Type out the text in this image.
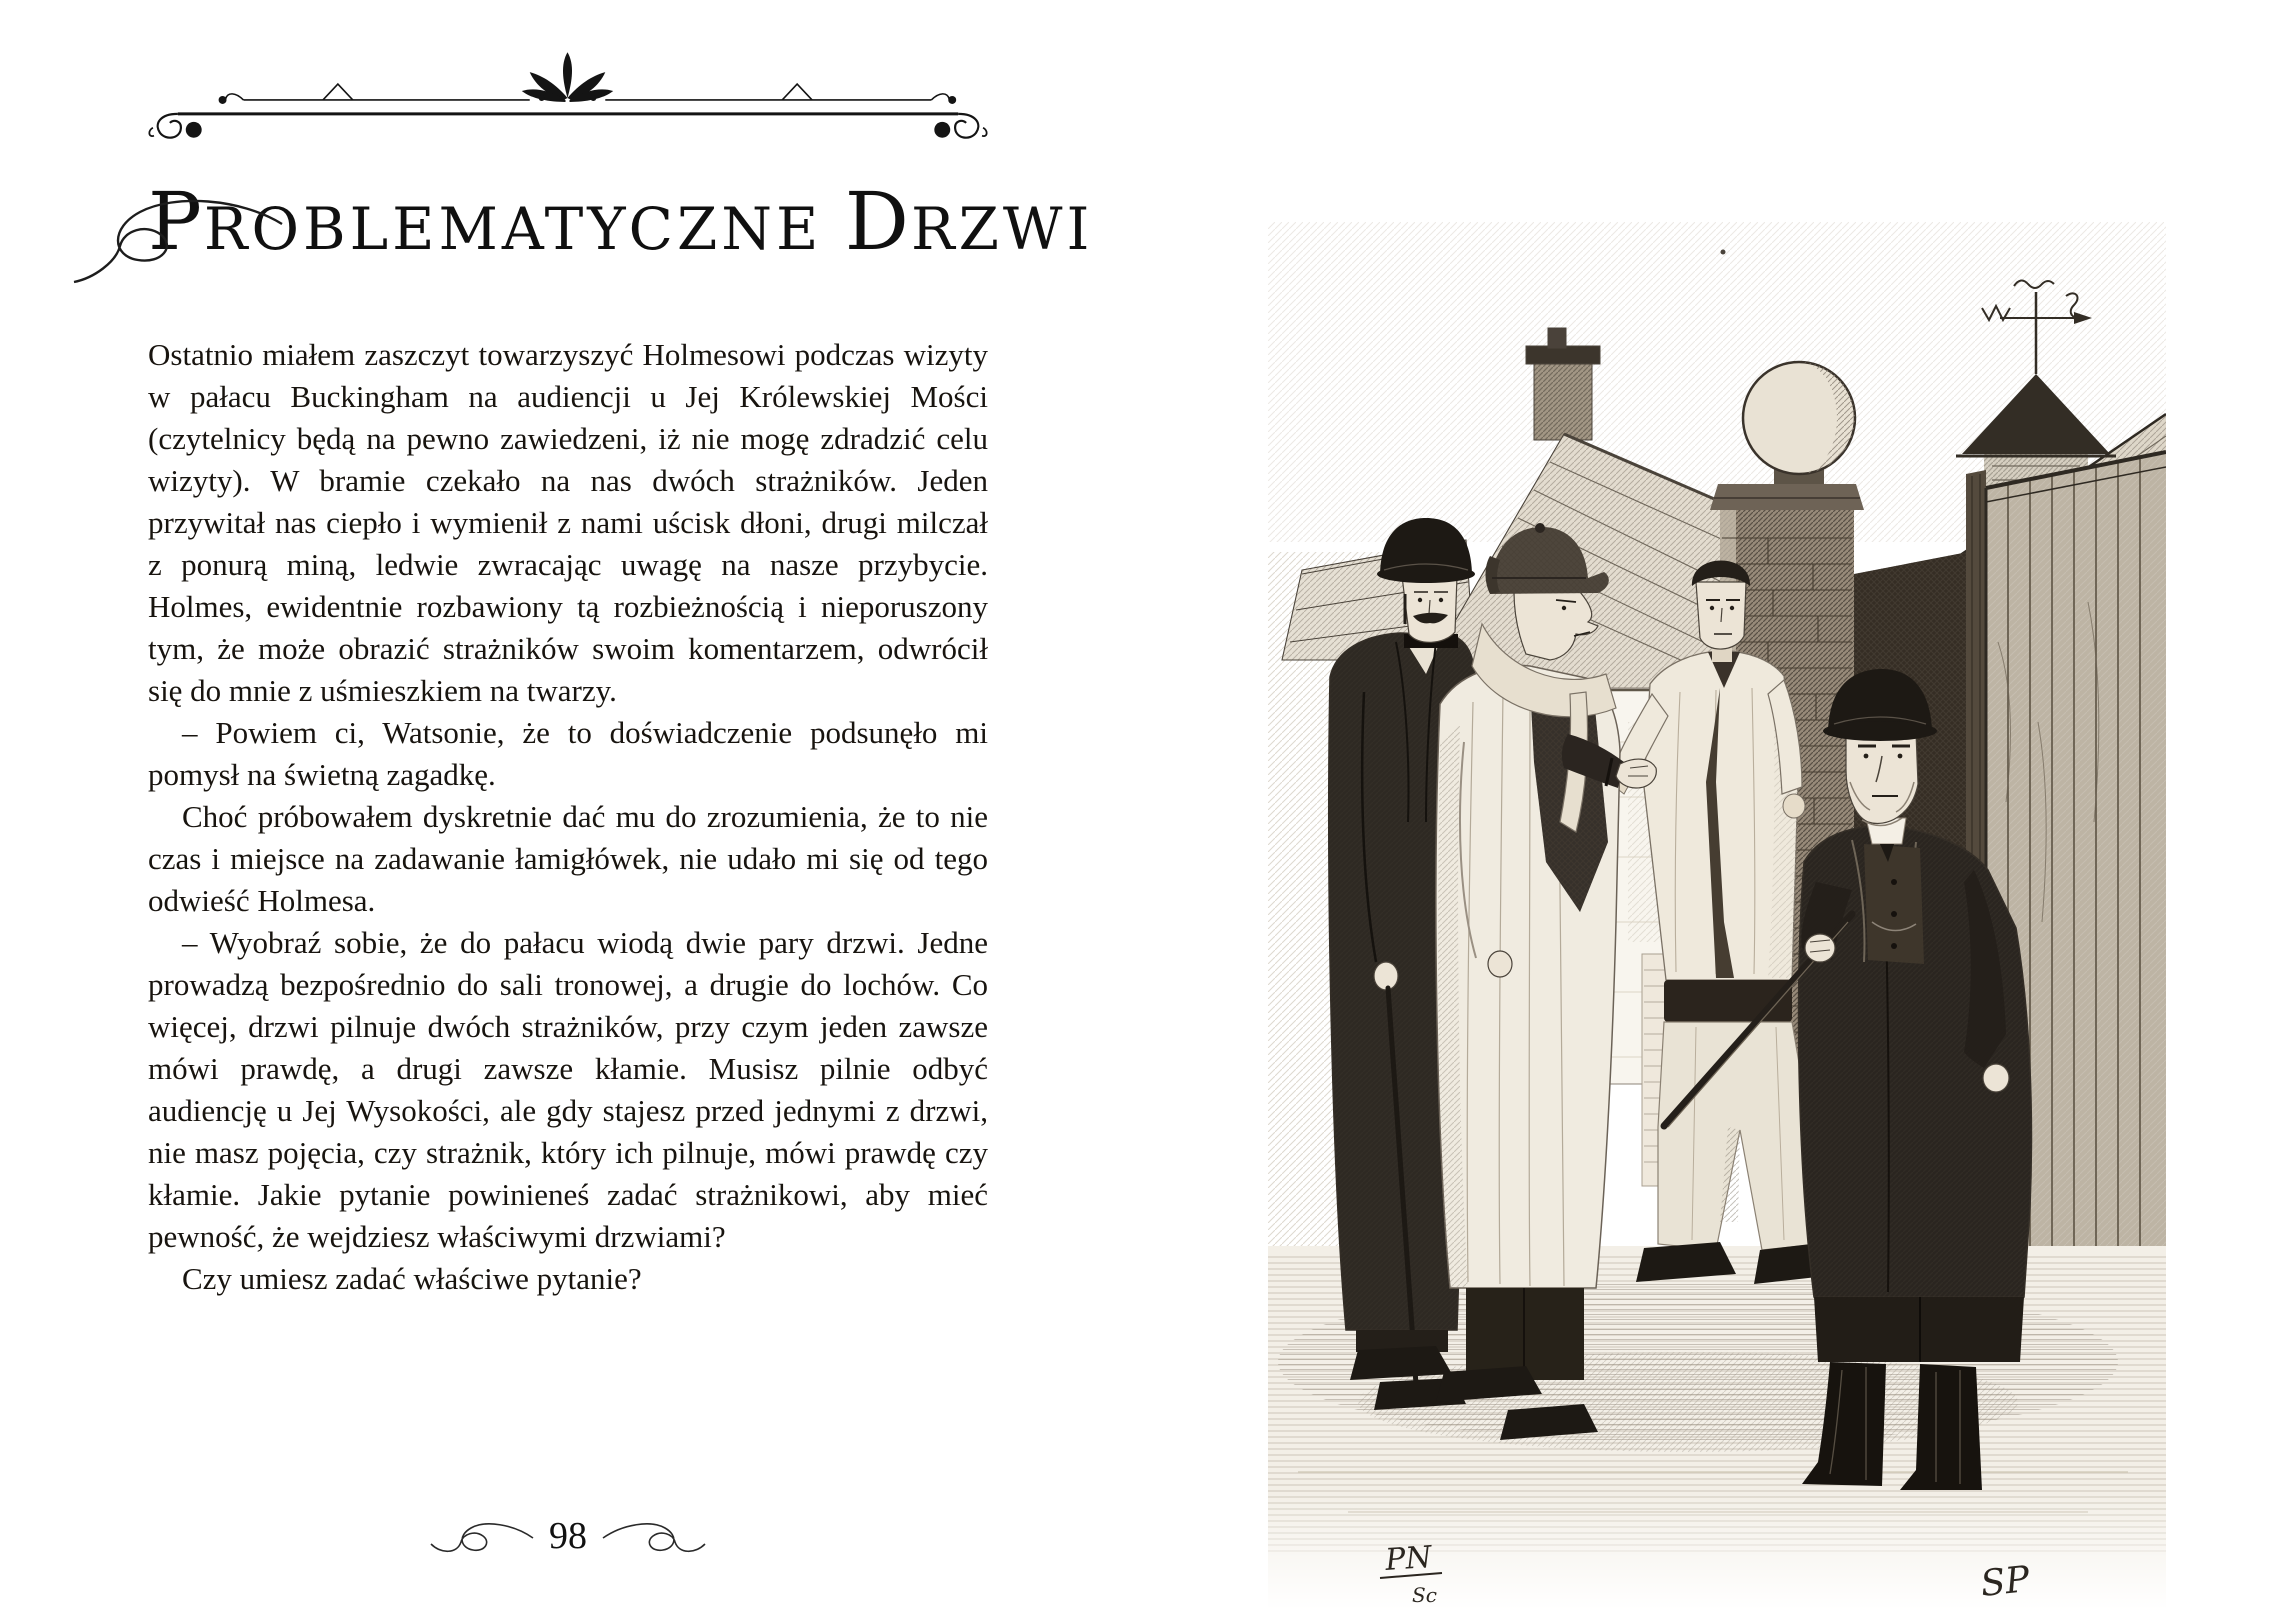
PROBLEMATYCZNE DRZWI

Ostatnio miałem zaszczyt towarzyszyć Holmesowi podczas wizyty w pałacu Buckingham na audiencji u Jej Królewskiej Mości (czytelnicy będą na pewno zawiedzeni, iż nie mogę zdradzić celu wizyty). W bramie czekało na nas dwóch strażników. Jeden przywitał nas ciepło i wymienił z nami uścisk dłoni, drugi milczał z ponurą miną, ledwie zwracając uwagę na nasze przybycie. Holmes, ewidentnie rozbawiony tą rozbieżnością i nieporuszony tym, że może obrazić strażników swoim komentarzem, odwrócił się do mnie z uśmieszkiem na twarzy.

– Powiem ci, Watsonie, że to doświadczenie podsunęło mi pomysł na świetną zagadkę.

Choć próbowałem dyskretnie dać mu do zrozumienia, że to nie czas i miejsce na zadawanie łamigłówek, nie udało mi się od tego odwieść Holmesa.

– Wyobraź sobie, że do pałacu wiodą dwie pary drzwi. Jedne prowadzą bezpośrednio do sali tronowej, a drugie do lochów. Co więcej, drzwi pilnuje dwóch strażników, przy czym jeden zawsze mówi prawdę, a drugi zawsze kłamie. Musisz pilnie odbyć audiencję u Jej Wysokości, ale gdy stajesz przed jednymi z drzwi, nie masz pojęcia, czy strażnik, który ich pilnuje, mówi prawdę czy kłamie. Jakie pytanie powinieneś zadać strażnikowi, aby mieć pewność, że wejdziesz właściwymi drzwiami?

Czy umiesz zadać właściwe pytanie?

98
PN
Sc	SP
